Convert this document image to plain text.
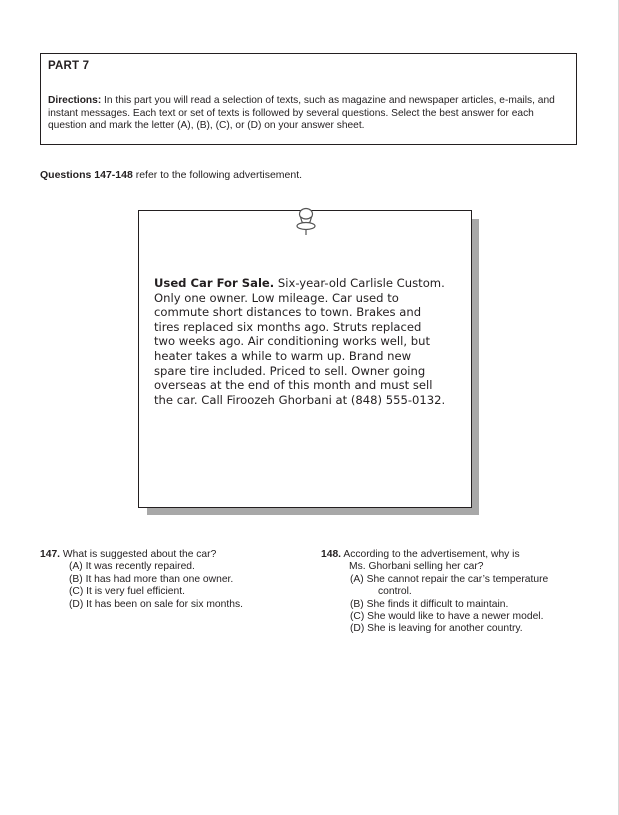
PART 7
Directions: In this part you will read a selection of texts, such as magazine and newspaper articles, e-mails, and instant messages. Each text or set of texts is followed by several questions. Select the best answer for each question and mark the letter (A), (B), (C), or (D) on your answer sheet.
Questions 147-148 refer to the following advertisement.
Used Car For Sale. Six-year-old Carlisle Custom.
Only one owner. Low mileage. Car used to
commute short distances to town. Brakes and
tires replaced six months ago. Struts replaced
two weeks ago. Air conditioning works well, but
heater takes a while to warm up. Brand new
spare tire included. Priced to sell. Owner going
overseas at the end of this month and must sell
the car. Call Firoozeh Ghorbani at (848) 555-0132.
147. What is suggested about the car?
(A) It was recently repaired.
(B) It has had more than one owner.
(C) It is very fuel efficient.
(D) It has been on sale for six months.
148. According to the advertisement, why is
Ms. Ghorbani selling her car?
(A) She cannot repair the car’s temperature
control.
(B) She finds it difficult to maintain.
(C) She would like to have a newer model.
(D) She is leaving for another country.
